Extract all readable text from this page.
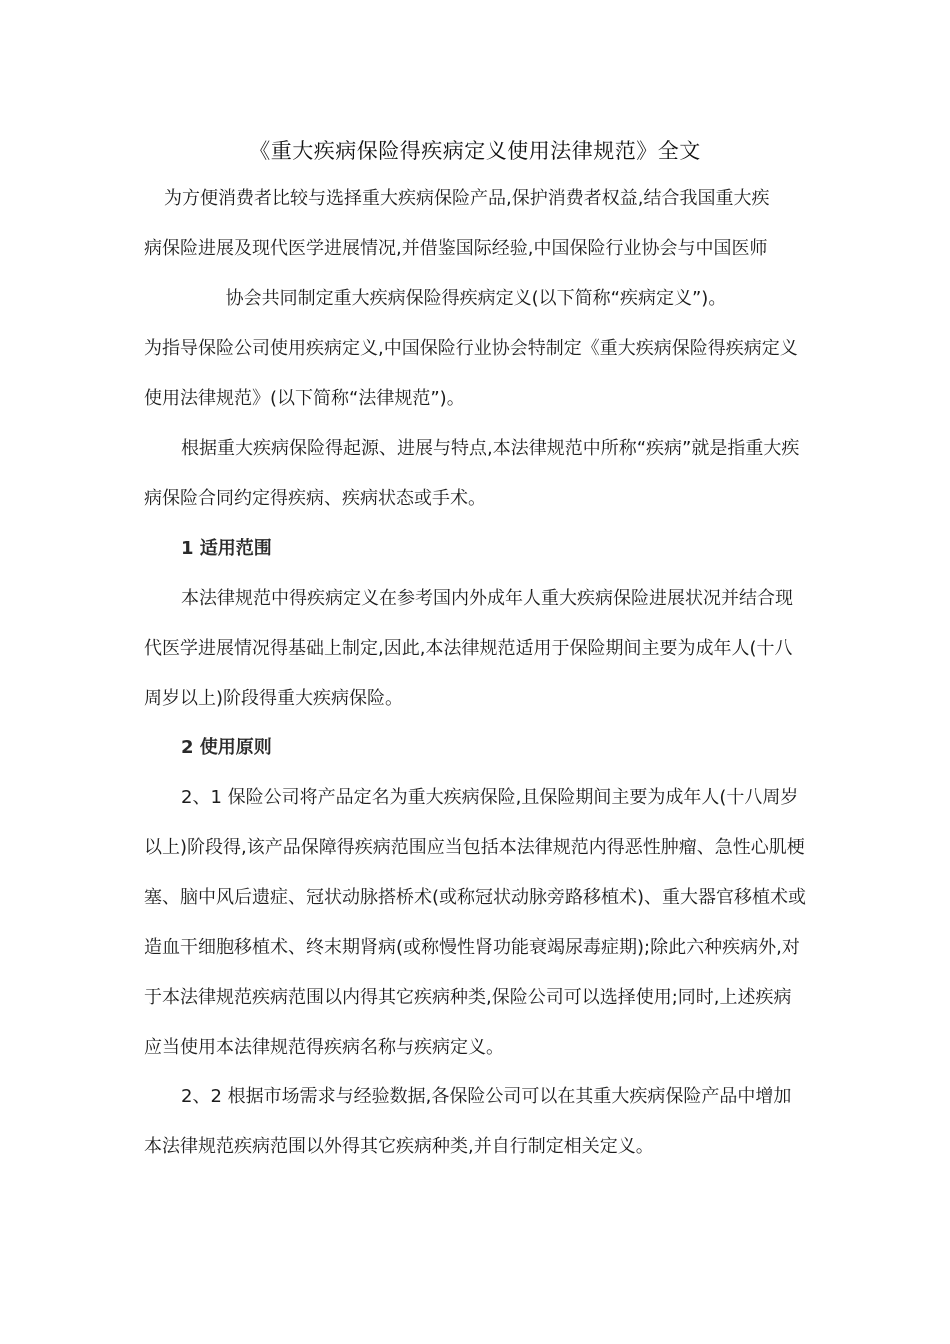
《重大疾病保险得疾病定义使用法律规范》全文
为方便消费者比较与选择重大疾病保险产品,保护消费者权益,结合我国重大疾
病保险进展及现代医学进展情况,并借鉴国际经验,中国保险行业协会与中国医师
协会共同制定重大疾病保险得疾病定义(以下简称“疾病定义”)。

为指导保险公司使用疾病定义,中国保险行业协会特制定《重大疾病保险得疾病定义使用法律规范》(以下简称“法律规范”)。

根据重大疾病保险得起源、进展与特点,本法律规范中所称“疾病”就是指重大疾病保险合同约定得疾病、疾病状态或手术。

1 适用范围

本法律规范中得疾病定义在参考国内外成年人重大疾病保险进展状况并结合现代医学进展情况得基础上制定,因此,本法律规范适用于保险期间主要为成年人(十八周岁以上)阶段得重大疾病保险。

2 使用原则

2、1 保险公司将产品定名为重大疾病保险,且保险期间主要为成年人(十八周岁以上)阶段得,该产品保障得疾病范围应当包括本法律规范内得恶性肿瘤、急性心肌梗塞、脑中风后遗症、冠状动脉搭桥术(或称冠状动脉旁路移植术)、重大器官移植术或造血干细胞移植术、终末期肾病(或称慢性肾功能衰竭尿毒症期);除此六种疾病外,对于本法律规范疾病范围以内得其它疾病种类,保险公司可以选择使用;同时,上述疾病应当使用本法律规范得疾病名称与疾病定义。

2、2 根据市场需求与经验数据,各保险公司可以在其重大疾病保险产品中增加本法律规范疾病范围以外得其它疾病种类,并自行制定相关定义。
